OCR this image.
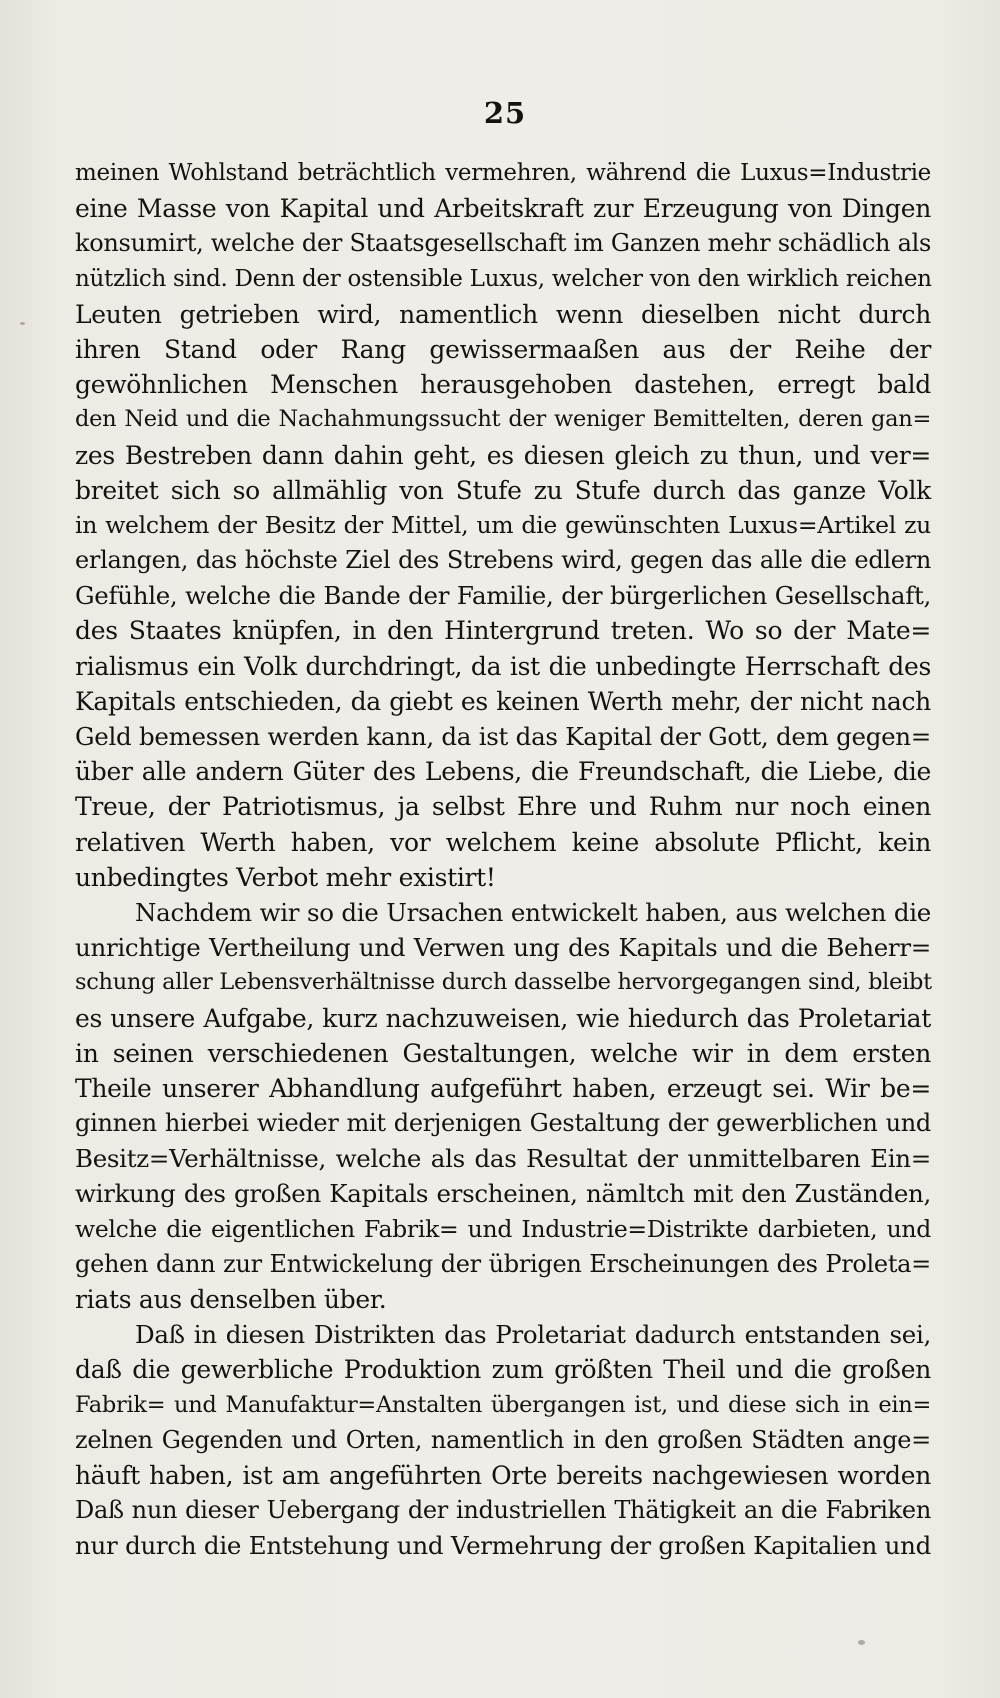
25
meinen Wohlstand beträchtlich vermehren, während die Luxus=Industrie
eine Masse von Kapital und Arbeitskraft zur Erzeugung von Dingen
konsumirt, welche der Staatsgesellschaft im Ganzen mehr schädlich als
nützlich sind. Denn der ostensible Luxus, welcher von den wirklich reichen
Leuten getrieben wird, namentlich wenn dieselben nicht durch
ihren Stand oder Rang gewissermaaßen aus der Reihe der
gewöhnlichen Menschen herausgehoben dastehen, erregt bald
den Neid und die Nachahmungssucht der weniger Bemittelten, deren gan=
zes Bestreben dann dahin geht, es diesen gleich zu thun, und ver=
breitet sich so allmählig von Stufe zu Stufe durch das ganze Volk
in welchem der Besitz der Mittel, um die gewünschten Luxus=Artikel zu
erlangen, das höchste Ziel des Strebens wird, gegen das alle die edlern
Gefühle, welche die Bande der Familie, der bürgerlichen Gesellschaft,
des Staates knüpfen, in den Hintergrund treten. Wo so der Mate=
rialismus ein Volk durchdringt, da ist die unbedingte Herrschaft des
Kapitals entschieden, da giebt es keinen Werth mehr, der nicht nach
Geld bemessen werden kann, da ist das Kapital der Gott, dem gegen=
über alle andern Güter des Lebens, die Freundschaft, die Liebe, die
Treue, der Patriotismus, ja selbst Ehre und Ruhm nur noch einen
relativen Werth haben, vor welchem keine absolute Pflicht, kein
unbedingtes Verbot mehr existirt!
Nachdem wir so die Ursachen entwickelt haben, aus welchen die
unrichtige Vertheilung und Verwen ung des Kapitals und die Beherr=
schung aller Lebensverhältnisse durch dasselbe hervorgegangen sind, bleibt
es unsere Aufgabe, kurz nachzuweisen, wie hiedurch das Proletariat
in seinen verschiedenen Gestaltungen, welche wir in dem ersten
Theile unserer Abhandlung aufgeführt haben, erzeugt sei. Wir be=
ginnen hierbei wieder mit derjenigen Gestaltung der gewerblichen und
Besitz=Verhältnisse, welche als das Resultat der unmittelbaren Ein=
wirkung des großen Kapitals erscheinen, nämltch mit den Zuständen,
welche die eigentlichen Fabrik= und Industrie=Distrikte darbieten, und
gehen dann zur Entwickelung der übrigen Erscheinungen des Proleta=
riats aus denselben über.
Daß in diesen Distrikten das Proletariat dadurch entstanden sei,
daß die gewerbliche Produktion zum größten Theil und die großen
Fabrik= und Manufaktur=Anstalten übergangen ist, und diese sich in ein=
zelnen Gegenden und Orten, namentlich in den großen Städten ange=
häuft haben, ist am angeführten Orte bereits nachgewiesen worden
Daß nun dieser Uebergang der industriellen Thätigkeit an die Fabriken
nur durch die Entstehung und Vermehrung der großen Kapitalien und
